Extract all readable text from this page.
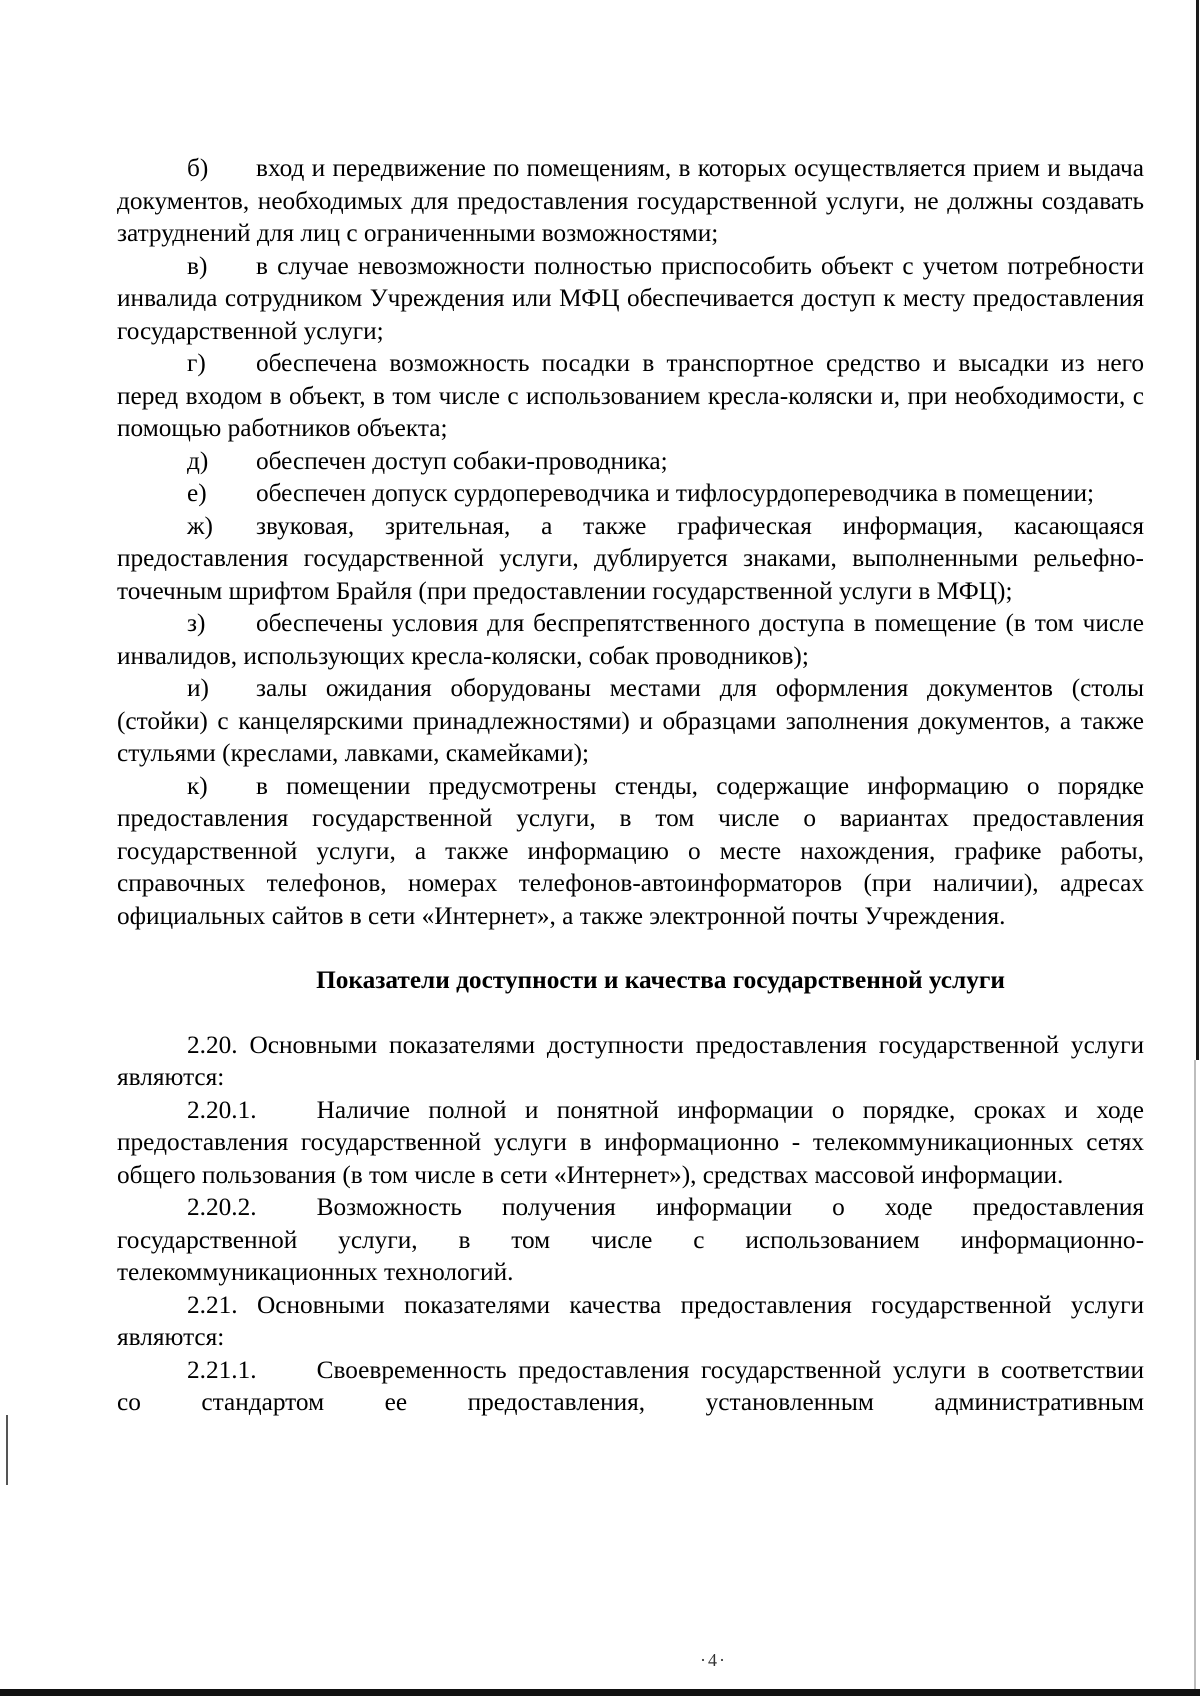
б) вход и передвижение по помещениям, в которых осуществляется прием и выдача документов, необходимых для предоставления государственной услуги, не должны создавать затруднений для лиц с ограниченными возможностями;

в) в случае невозможности полностью приспособить объект с учетом потребности инвалида сотрудником Учреждения или МФЦ обеспечивается доступ к месту предоставления государственной услуги;

г) обеспечена возможность посадки в транспортное средство и высадки из него перед входом в объект, в том числе с использованием кресла-коляски и, при необходимости, с помощью работников объекта;

д) обеспечен доступ собаки-проводника;

е) обеспечен допуск сурдопереводчика и тифлосурдопереводчика в помещении;

ж) звуковая, зрительная, а также графическая информация, касающаяся предоставления государственной услуги, дублируется знаками, выполненными рельефно-точечным шрифтом Брайля (при предоставлении государственной услуги в МФЦ);

з) обеспечены условия для беспрепятственного доступа в помещение (в том числе инвалидов, использующих кресла-коляски, собак проводников);

и) залы ожидания оборудованы местами для оформления документов (столы (стойки) с канцелярскими принадлежностями) и образцами заполнения документов, а также стульями (креслами, лавками, скамейками);

к) в помещении предусмотрены стенды, содержащие информацию о порядке предоставления государственной услуги, в том числе о вариантах предоставления государственной услуги, а также информацию о месте нахождения, графике работы, справочных телефонов, номерах телефонов-автоинформаторов (при наличии), адресах официальных сайтов в сети «Интернет», а также электронной почты Учреждения.

Показатели доступности и качества государственной услуги

2.20. Основными показателями доступности предоставления государственной услуги являются:

2.20.1. Наличие полной и понятной информации о порядке, сроках и ходе предоставления государственной услуги в информационно - телекоммуникационных сетях общего пользования (в том числе в сети «Интернет»), средствах массовой информации.

2.20.2. Возможность получения информации о ходе предоставления государственной услуги, в том числе с использованием информационно-телекоммуникационных технологий.

2.21. Основными показателями качества предоставления государственной услуги являются:

2.21.1. Своевременность предоставления государственной услуги в соответствии со стандартом ее предоставления, установленным административным

·4·
